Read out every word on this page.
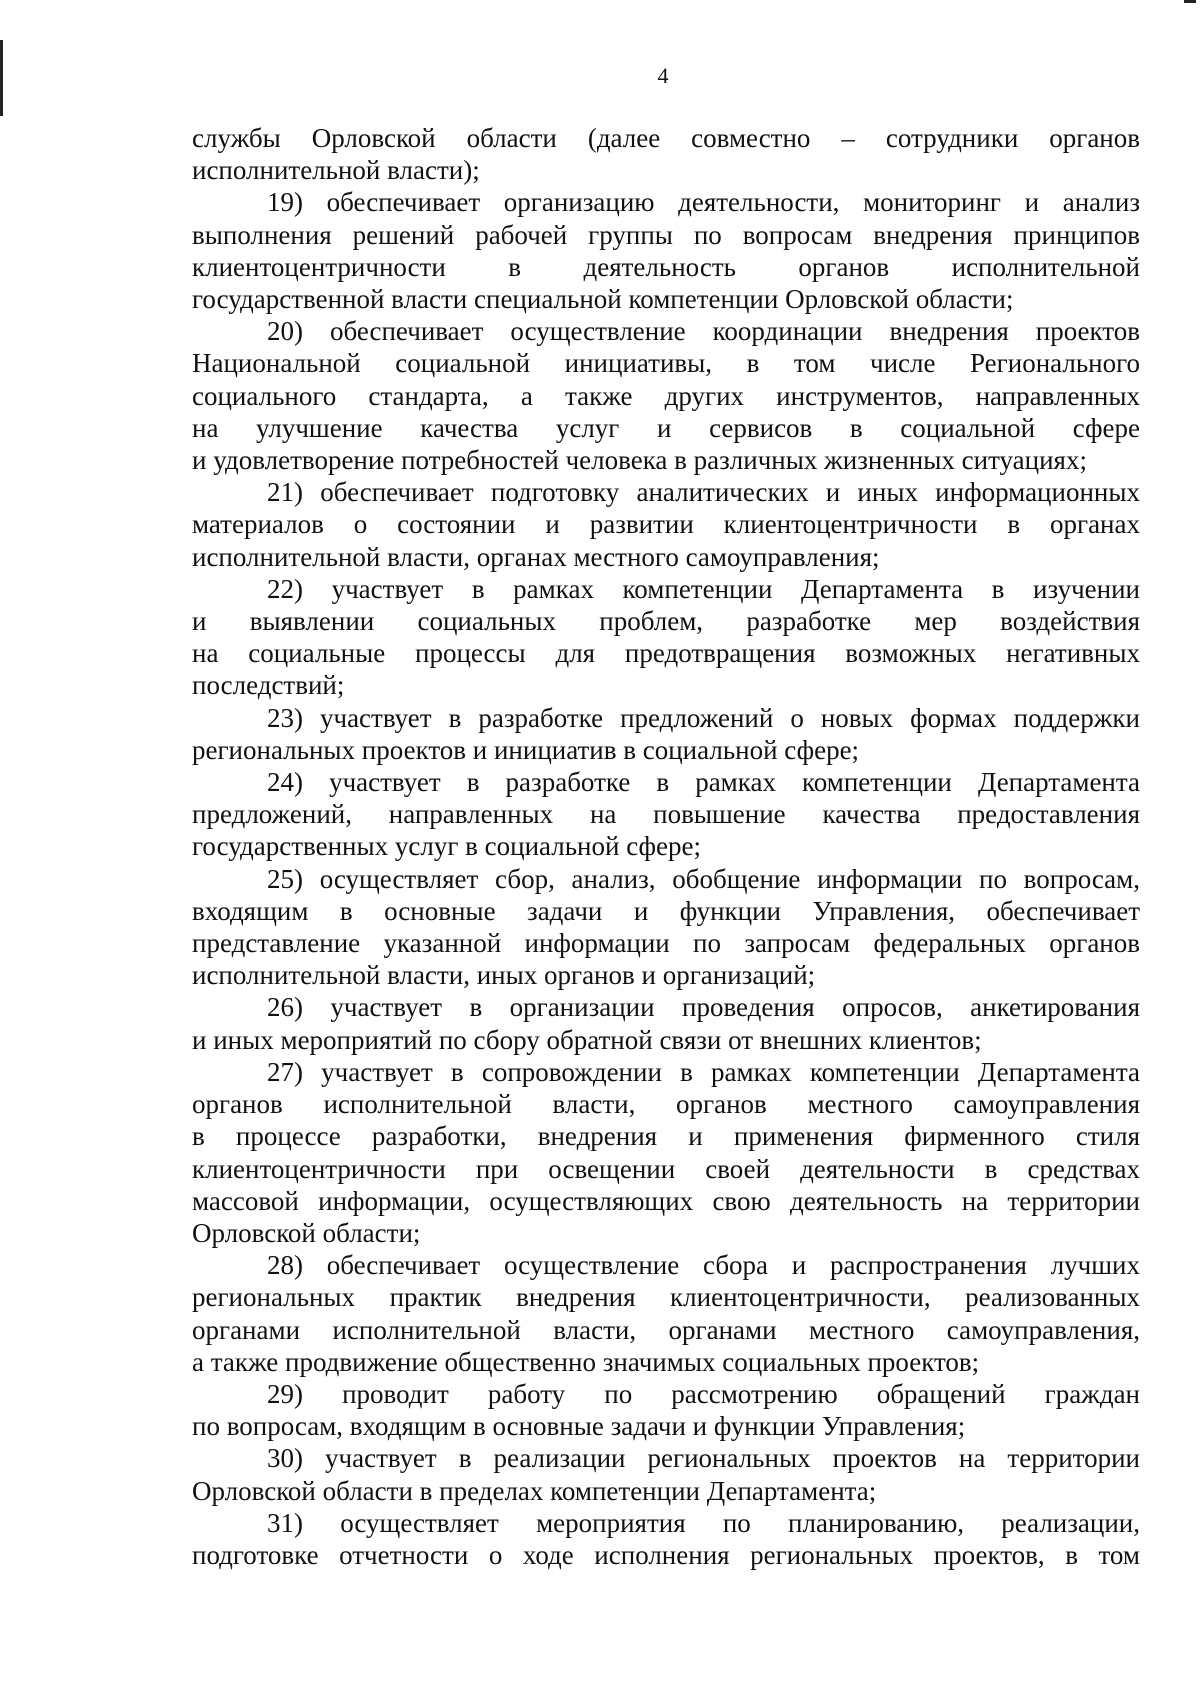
4

службы Орловской области (далее совместно – сотрудники органов

исполнительной власти);

19) обеспечивает организацию деятельности, мониторинг и анализ

выполнения решений рабочей группы по вопросам внедрения принципов

клиентоцентричности в деятельность органов исполнительной

государственной власти специальной компетенции Орловской области;

20) обеспечивает осуществление координации внедрения проектов

Национальной социальной инициативы, в том числе Регионального

социального стандарта, а также других инструментов, направленных

на улучшение качества услуг и сервисов в социальной сфере

и удовлетворение потребностей человека в различных жизненных ситуациях;

21) обеспечивает подготовку аналитических и иных информационных

материалов о состоянии и развитии клиентоцентричности в органах

исполнительной власти, органах местного самоуправления;

22) участвует в рамках компетенции Департамента в изучении

и выявлении социальных проблем, разработке мер воздействия

на социальные процессы для предотвращения возможных негативных

последствий;

23) участвует в разработке предложений о новых формах поддержки

региональных проектов и инициатив в социальной сфере;

24) участвует в разработке в рамках компетенции Департамента

предложений, направленных на повышение качества предоставления

государственных услуг в социальной сфере;

25) осуществляет сбор, анализ, обобщение информации по вопросам,

входящим в основные задачи и функции Управления, обеспечивает

представление указанной информации по запросам федеральных органов

исполнительной власти, иных органов и организаций;

26) участвует в организации проведения опросов, анкетирования

и иных мероприятий по сбору обратной связи от внешних клиентов;

27) участвует в сопровождении в рамках компетенции Департамента

органов исполнительной власти, органов местного самоуправления

в процессе разработки, внедрения и применения фирменного стиля

клиентоцентричности при освещении своей деятельности в средствах

массовой информации, осуществляющих свою деятельность на территории

Орловской области;

28) обеспечивает осуществление сбора и распространения лучших

региональных практик внедрения клиентоцентричности, реализованных

органами исполнительной власти, органами местного самоуправления,

а также продвижение общественно значимых социальных проектов;

29) проводит работу по рассмотрению обращений граждан

по вопросам, входящим в основные задачи и функции Управления;

30) участвует в реализации региональных проектов на территории

Орловской области в пределах компетенции Департамента;

31) осуществляет мероприятия по планированию, реализации,

подготовке отчетности о ходе исполнения региональных проектов, в том
